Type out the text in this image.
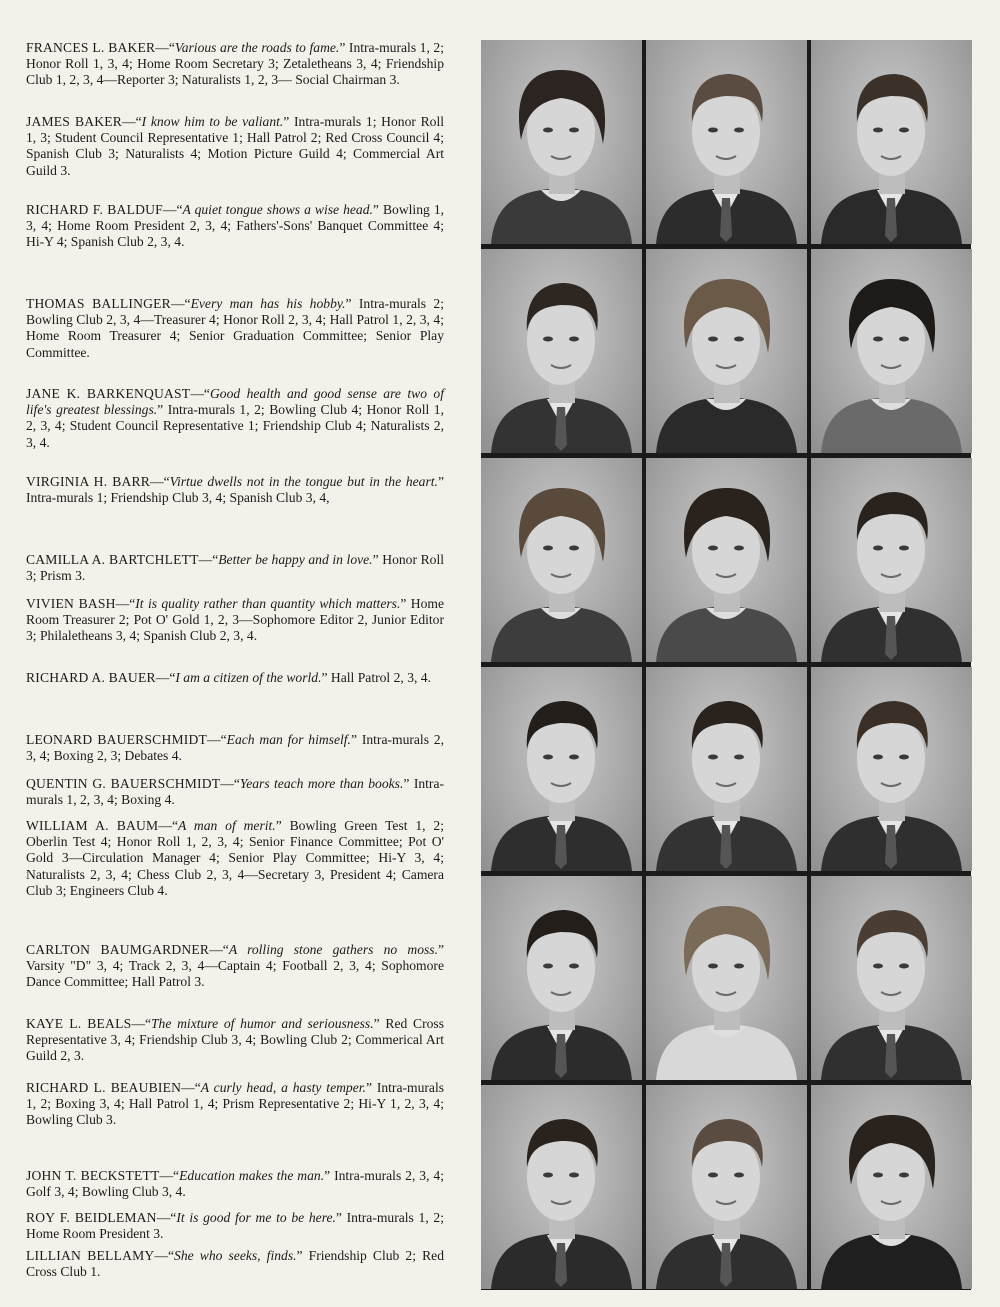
FRANCES L. BAKER—“Various are the roads to fame.” Intra-murals 1, 2; Honor Roll 1, 3, 4; Home Room Secretary 3; Zetaletheans 3, 4; Friendship Club 1, 2, 3, 4—Reporter 3; Naturalists 1, 2, 3— Social Chairman 3.
JAMES BAKER—“I know him to be valiant.” Intra-murals 1; Honor Roll 1, 3; Student Council Representative 1; Hall Patrol 2; Red Cross Council 4; Spanish Club 3; Naturalists 4; Motion Picture Guild 4; Commercial Art Guild 3.
RICHARD F. BALDUF—“A quiet tongue shows a wise head.” Bowling 1, 3, 4; Home Room President 2, 3, 4; Fathers'-Sons' Banquet Committee 4; Hi-Y 4; Spanish Club 2, 3, 4.
THOMAS BALLINGER—“Every man has his hobby.” Intra-murals 2; Bowling Club 2, 3, 4—Treasurer 4; Honor Roll 2, 3, 4; Hall Patrol 1, 2, 3, 4; Home Room Treasurer 4; Senior Graduation Committee; Senior Play Committee.
JANE K. BARKENQUAST—“Good health and good sense are two of life's greatest blessings.” Intra-murals 1, 2; Bowling Club 4; Honor Roll 1, 2, 3, 4; Student Council Representative 1; Friendship Club 4; Naturalists 2, 3, 4.
VIRGINIA H. BARR—“Virtue dwells not in the tongue but in the heart.” Intra-murals 1; Friendship Club 3, 4; Spanish Club 3, 4,
CAMILLA A. BARTCHLETT—“Better be happy and in love.” Honor Roll 3; Prism 3.
VIVIEN BASH—“It is quality rather than quantity which matters.” Home Room Treasurer 2; Pot O' Gold 1, 2, 3—Sophomore Editor 2, Junior Editor 3; Philaletheans 3, 4; Spanish Club 2, 3, 4.
RICHARD A. BAUER—“I am a citizen of the world.” Hall Patrol 2, 3, 4.
LEONARD BAUERSCHMIDT—“Each man for himself.” Intra-murals 2, 3, 4; Boxing 2, 3; Debates 4.
QUENTIN G. BAUERSCHMIDT—“Years teach more than books.” Intra-murals 1, 2, 3, 4; Boxing 4.
WILLIAM A. BAUM—“A man of merit.” Bowling Green Test 1, 2; Oberlin Test 4; Honor Roll 1, 2, 3, 4; Senior Finance Committee; Pot O' Gold 3—Circulation Manager 4; Senior Play Committee; Hi-Y 3, 4; Naturalists 2, 3, 4; Chess Club 2, 3, 4—Secretary 3, President 4; Camera Club 3; Engineers Club 4.
CARLTON BAUMGARDNER—“A rolling stone gathers no moss.” Varsity "D" 3, 4; Track 2, 3, 4—Captain 4; Football 2, 3, 4; Sophomore Dance Committee; Hall Patrol 3.
KAYE L. BEALS—“The mixture of humor and seriousness.” Red Cross Representative 3, 4; Friendship Club 3, 4; Bowling Club 2; Commerical Art Guild 2, 3.
RICHARD L. BEAUBIEN—“A curly head, a hasty temper.” Intra-murals 1, 2; Boxing 3, 4; Hall Patrol 1, 4; Prism Representative 2; Hi-Y 1, 2, 3, 4; Bowling Club 3.
JOHN T. BECKSTETT—“Education makes the man.” Intra-murals 2, 3, 4; Golf 3, 4; Bowling Club 3, 4.
ROY F. BEIDLEMAN—“It is good for me to be here.” Intra-murals 1, 2; Home Room President 3.
LILLIAN BELLAMY—“She who seeks, finds.” Friendship Club 2; Red Cross Club 1.
